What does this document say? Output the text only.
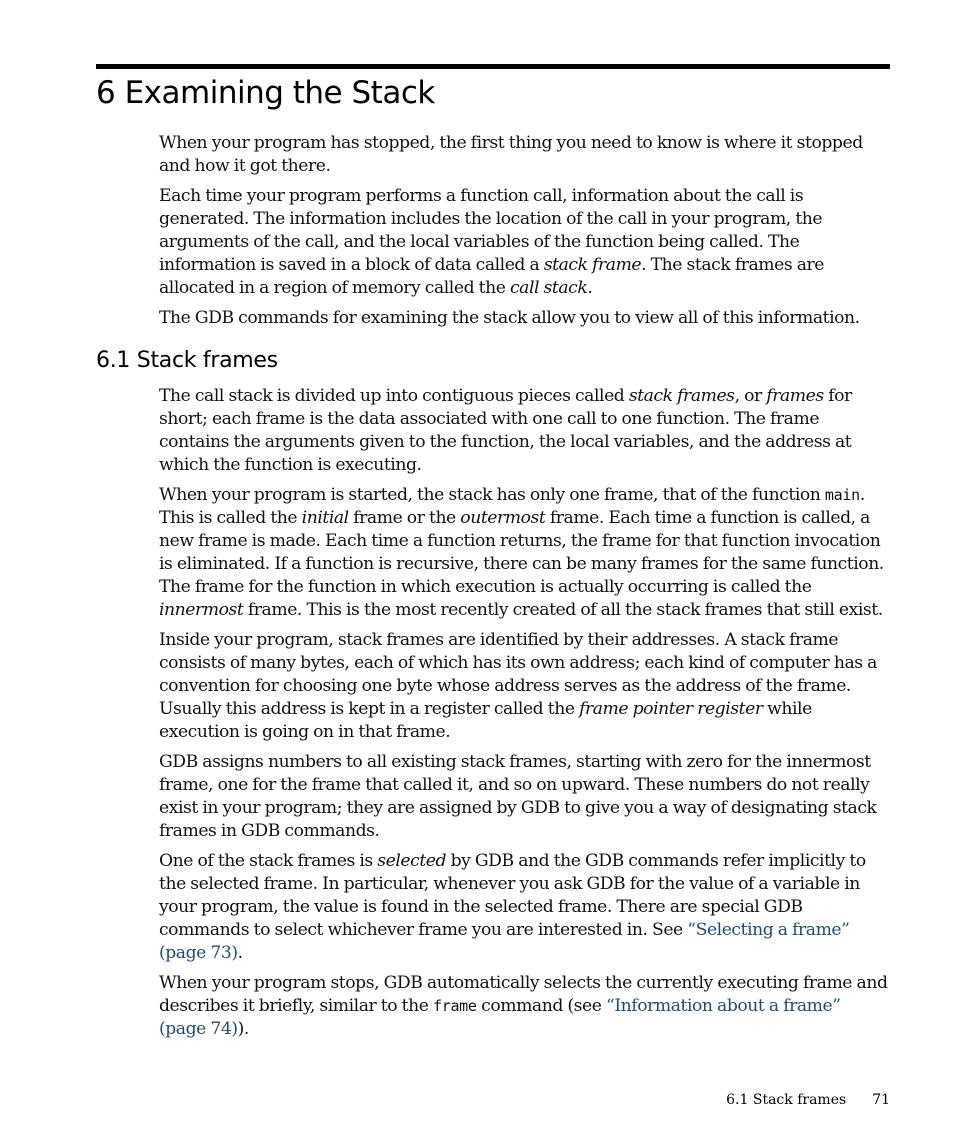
6 Examining the Stack

When your program has stopped, the first thing you need to know is where it stopped and how it got there.

Each time your program performs a function call, information about the call is generated. The information includes the location of the call in your program, the arguments of the call, and the local variables of the function being called. The information is saved in a block of data called a stack frame. The stack frames are allocated in a region of memory called the call stack.

The GDB commands for examining the stack allow you to view all of this information.

6.1 Stack frames

The call stack is divided up into contiguous pieces called stack frames, or frames for short; each frame is the data associated with one call to one function. The frame contains the arguments given to the function, the local variables, and the address at which the function is executing.

When your program is started, the stack has only one frame, that of the function main. This is called the initial frame or the outermost frame. Each time a function is called, a new frame is made. Each time a function returns, the frame for that function invocation is eliminated. If a function is recursive, there can be many frames for the same function. The frame for the function in which execution is actually occurring is called the innermost frame. This is the most recently created of all the stack frames that still exist.

Inside your program, stack frames are identified by their addresses. A stack frame consists of many bytes, each of which has its own address; each kind of computer has a convention for choosing one byte whose address serves as the address of the frame. Usually this address is kept in a register called the frame pointer register while execution is going on in that frame.

GDB assigns numbers to all existing stack frames, starting with zero for the innermost frame, one for the frame that called it, and so on upward. These numbers do not really exist in your program; they are assigned by GDB to give you a way of designating stack frames in GDB commands.

One of the stack frames is selected by GDB and the GDB commands refer implicitly to the selected frame. In particular, whenever you ask GDB for the value of a variable in your program, the value is found in the selected frame. There are special GDB commands to select whichever frame you are interested in. See “Selecting a frame” (page 73).

When your program stops, GDB automatically selects the currently executing frame and describes it briefly, similar to the frame command (see “Information about a frame” (page 74)).

6.1 Stack frames 71
